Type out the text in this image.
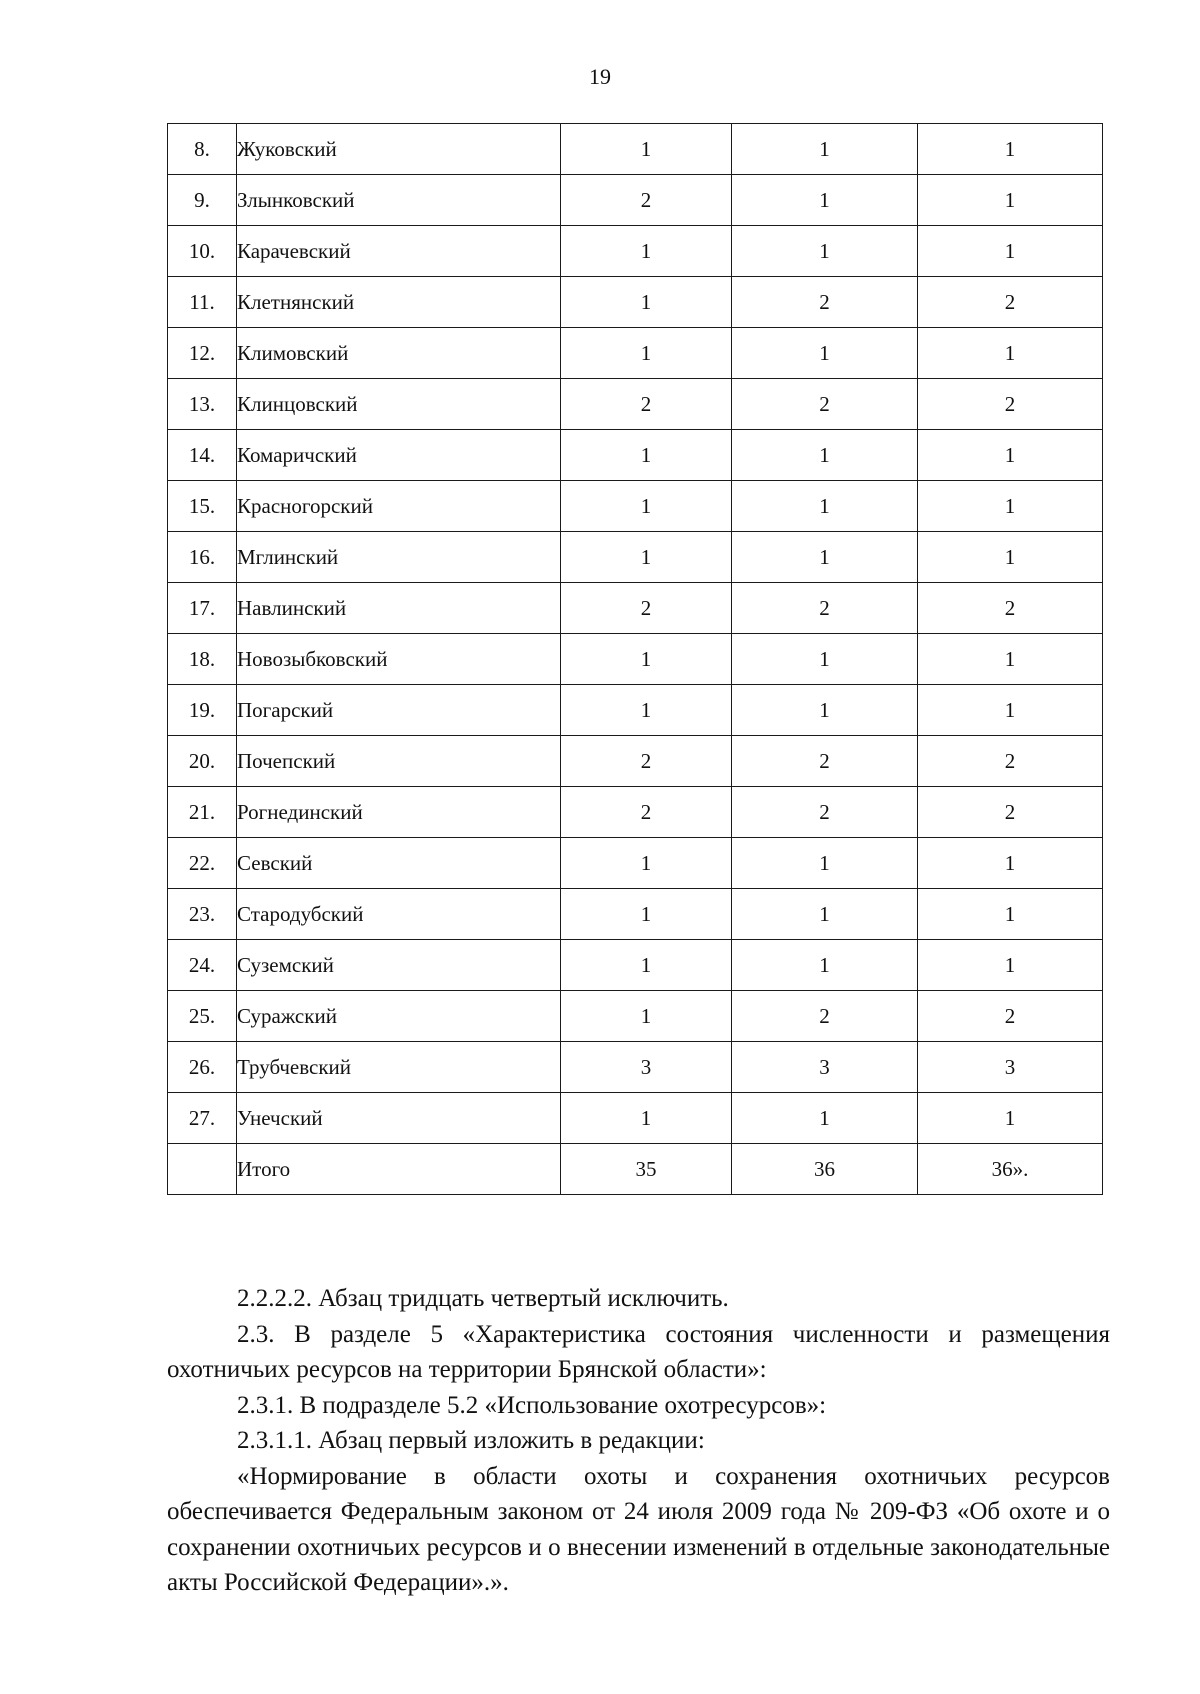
19
8.	Жуковский	1	1	1
9.	Злынковский	2	1	1
10.	Карачевский	1	1	1
11.	Клетнянский	1	2	2
12.	Климовский	1	1	1
13.	Клинцовский	2	2	2
14.	Комаричский	1	1	1
15.	Красногорский	1	1	1
16.	Мглинский	1	1	1
17.	Навлинский	2	2	2
18.	Новозыбковский	1	1	1
19.	Погарский	1	1	1
20.	Почепский	2	2	2
21.	Рогнединский	2	2	2
22.	Севский	1	1	1
23.	Стародубский	1	1	1
24.	Суземский	1	1	1
25.	Суражский	1	2	2
26.	Трубчевский	3	3	3
27.	Унечский	1	1	1
	Итого	35	36	36».

2.2.2.2. Абзац тридцать четвертый исключить.

2.3. В разделе 5 «Характеристика состояния численности и размещения охотничьих ресурсов на территории Брянской области»:

2.3.1. В подразделе 5.2 «Использование охотресурсов»:

2.3.1.1. Абзац первый изложить в редакции:

«Нормирование в области охоты и сохранения охотничьих ресурсов обеспечивается Федеральным законом от 24 июля 2009 года № 209-ФЗ «Об охоте и о сохранении охотничьих ресурсов и о внесении изменений в отдельные законодательные акты Российской Федерации».».
